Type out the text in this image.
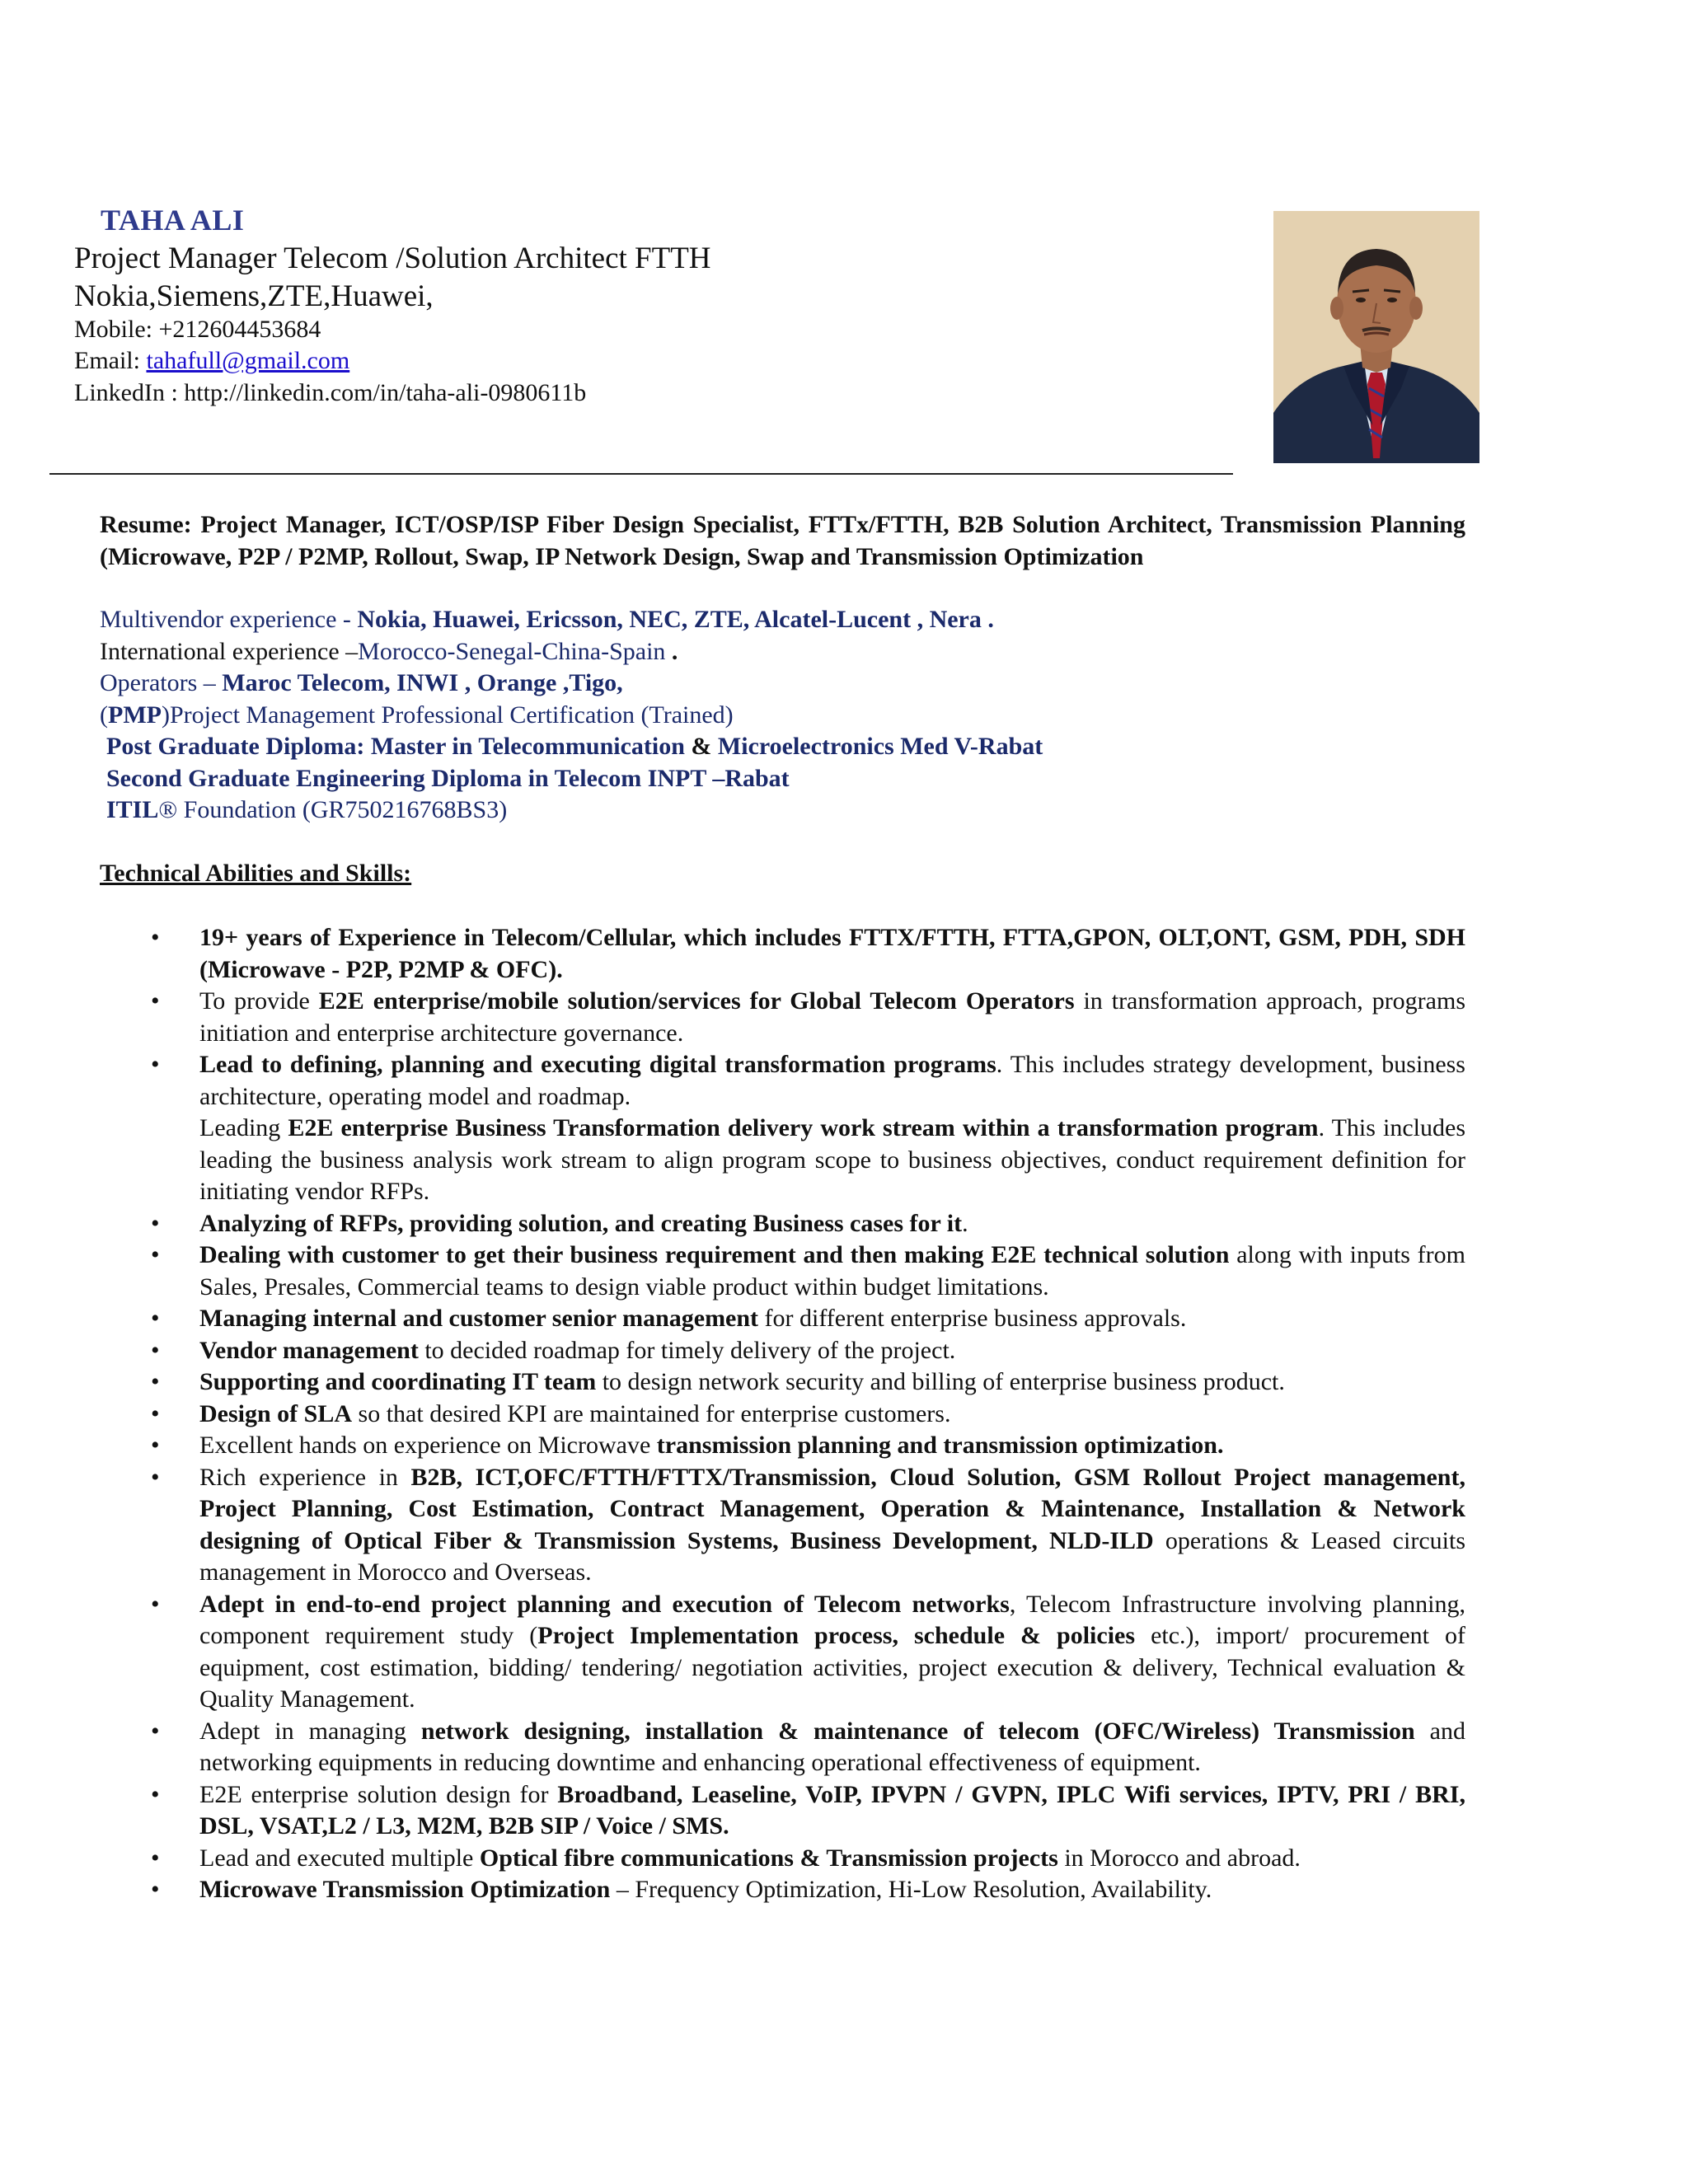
TAHA ALI
Project Manager Telecom /Solution Architect FTTH
Nokia,Siemens,ZTE,Huawei,
Mobile: +212604453684
Email: tahafull@gmail.com
LinkedIn : http://linkedin.com/in/taha-ali-0980611b
Resume: Project Manager, ICT/OSP/ISP Fiber Design Specialist, FTTx/FTTH, B2B Solution Architect, Transmission Planning (Microwave, P2P / P2MP, Rollout, Swap, IP Network Design, Swap and Transmission Optimization
Multivendor experience - Nokia, Huawei, Ericsson, NEC, ZTE, Alcatel-Lucent , Nera .
International experience –Morocco-Senegal-China-Spain .
Operators – Maroc Telecom, INWI , Orange ,Tigo,
(PMP)Project Management Professional Certification (Trained)
Post Graduate Diploma: Master in Telecommunication & Microelectronics Med V-Rabat
Second Graduate Engineering Diploma in Telecom INPT –Rabat
ITIL® Foundation (GR750216768BS3)
Technical Abilities and Skills:
• 19+ years of Experience in Telecom/Cellular, which includes FTTX/FTTH, FTTA,GPON, OLT,ONT, GSM, PDH, SDH (Microwave - P2P, P2MP & OFC).
• To provide E2E enterprise/mobile solution/services for Global Telecom Operators in transformation approach, programs initiation and enterprise architecture governance.
• Lead to defining, planning and executing digital transformation programs. This includes strategy development, business architecture, operating model and roadmap.
Leading E2E enterprise Business Transformation delivery work stream within a transformation program. This includes leading the business analysis work stream to align program scope to business objectives, conduct requirement definition for initiating vendor RFPs.
• Analyzing of RFPs, providing solution, and creating Business cases for it.
• Dealing with customer to get their business requirement and then making E2E technical solution along with inputs from Sales, Presales, Commercial teams to design viable product within budget limitations.
• Managing internal and customer senior management for different enterprise business approvals.
• Vendor management to decided roadmap for timely delivery of the project.
• Supporting and coordinating IT team to design network security and billing of enterprise business product.
• Design of SLA so that desired KPI are maintained for enterprise customers.
• Excellent hands on experience on Microwave transmission planning and transmission optimization.
• Rich experience in B2B, ICT,OFC/FTTH/FTTX/Transmission, Cloud Solution, GSM Rollout Project management, Project Planning, Cost Estimation, Contract Management, Operation & Maintenance, Installation & Network designing of Optical Fiber & Transmission Systems, Business Development, NLD-ILD operations & Leased circuits management in Morocco and Overseas.
• Adept in end-to-end project planning and execution of Telecom networks, Telecom Infrastructure involving planning, component requirement study (Project Implementation process, schedule & policies etc.), import/ procurement of equipment, cost estimation, bidding/ tendering/ negotiation activities, project execution & delivery, Technical evaluation & Quality Management.
• Adept in managing network designing, installation & maintenance of telecom (OFC/Wireless) Transmission and networking equipments in reducing downtime and enhancing operational effectiveness of equipment.
• E2E enterprise solution design for Broadband, Leaseline, VoIP, IPVPN / GVPN, IPLC Wifi services, IPTV, PRI / BRI, DSL, VSAT,L2 / L3, M2M, B2B SIP / Voice / SMS.
• Lead and executed multiple Optical fibre communications & Transmission projects in Morocco and abroad.
• Microwave Transmission Optimization – Frequency Optimization, Hi-Low Resolution, Availability.
